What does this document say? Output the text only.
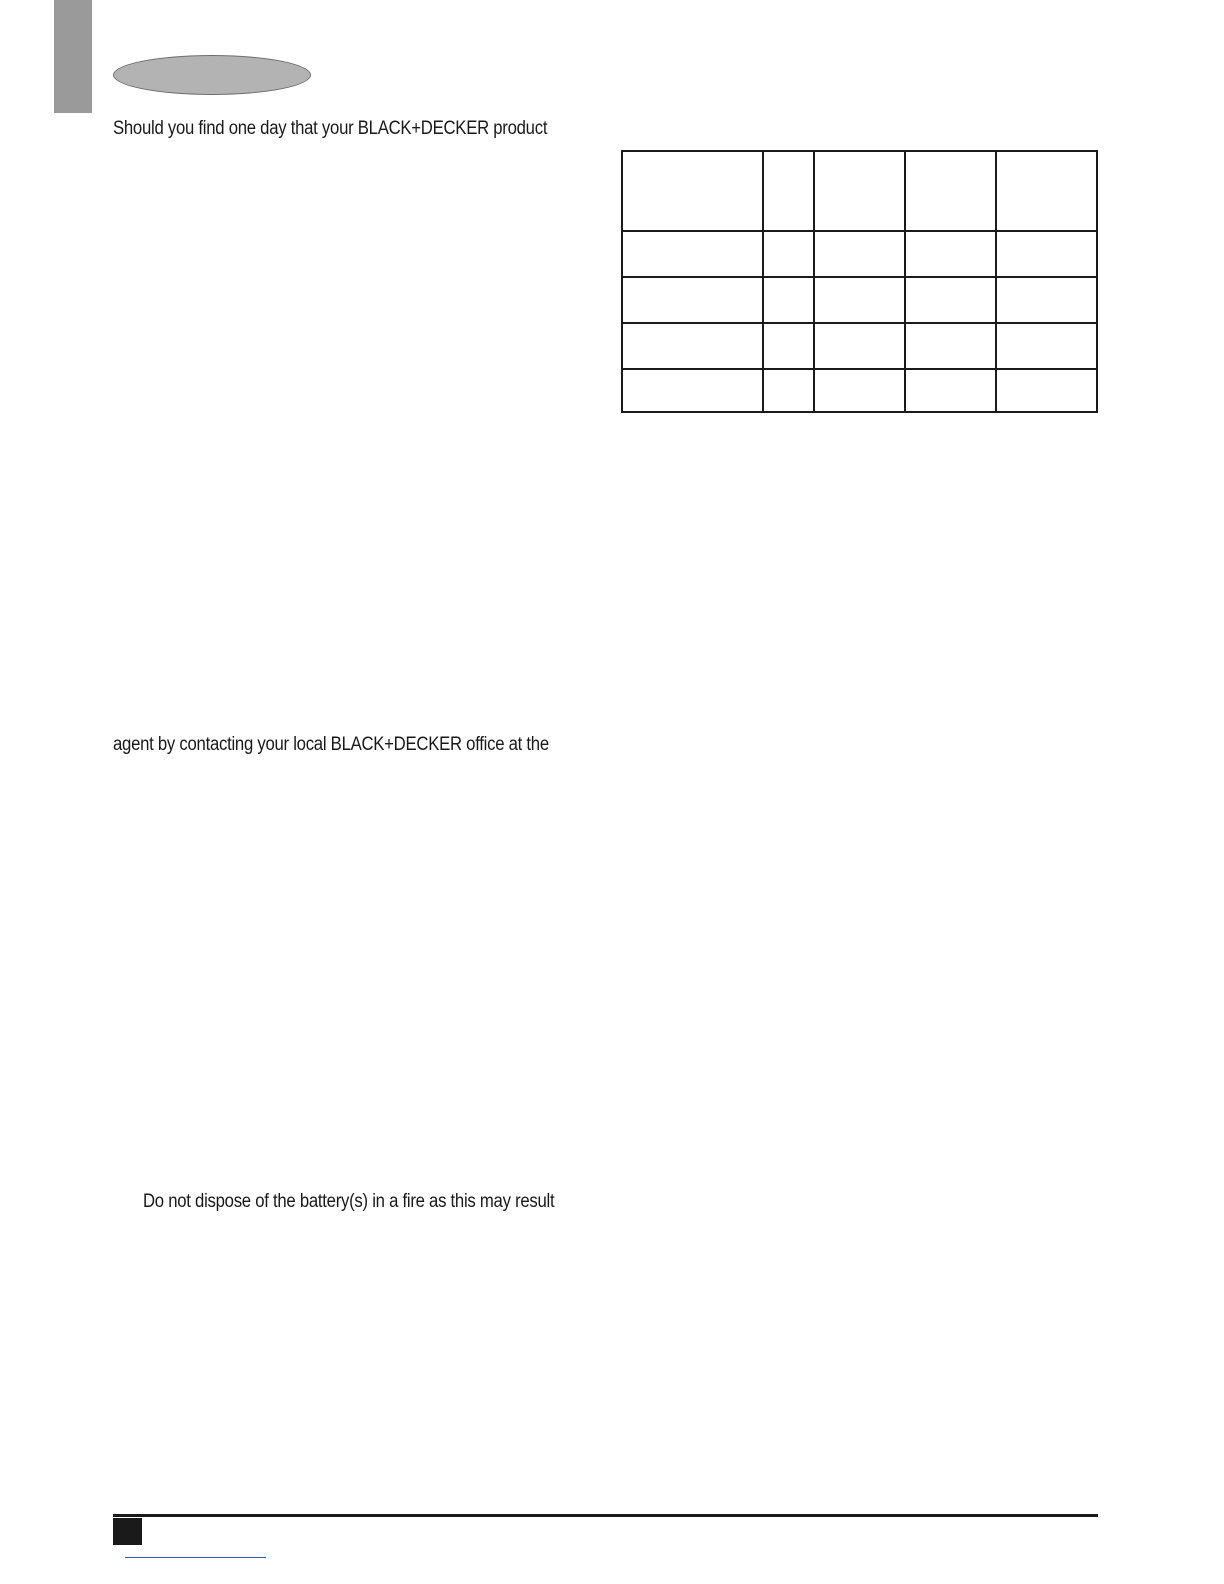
Should you find one day that your BLACK+DECKER product

agent by contacting your local BLACK+DECKER office at the
Do not dispose of the battery(s) in a fire as this may result
